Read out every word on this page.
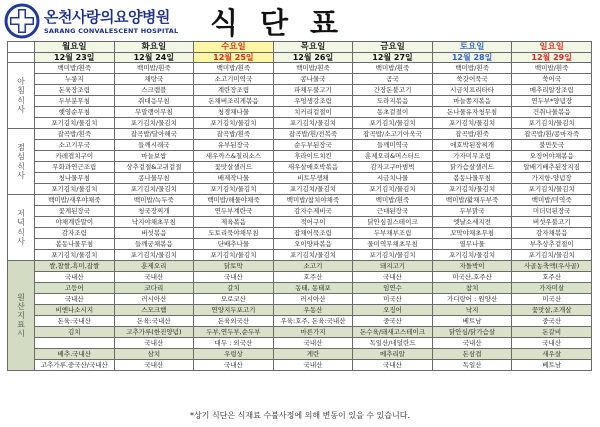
온천사랑의요양병원
SARANG CONVALESCENT HOSPITAL 식단표
	월요일	화요일	수요일	목요일	금요일	토요일	일요일
	12월 23일	12월 24일	12월 25일	12월 26일	12월 27일	12월 28일	12월 29일

아
침
식
사	백미밥/흰죽	백미밥/흰죽	백미밥/흰죽	백미밥/흰죽	백미밥/흰죽	백미밥/흰죽	백미밥/흰죽
	누룽지	채탕국	소고기미역국	콩나물국	곰국	쑥갓어묵국	쑥어국
	돈육장조림	스크램블	계란장조림	파채두불고기	간장돈불고기	시금치프리타타	메추리알장조림
	두부분무침	쥐대응무침	돈채버조리게볶음	우엉생강조림	도라지볶음	마늘쫑지볶음	연두부*양념장
	햇영순무침	무말랭이무침	청경채나물	치커리겉절이	동초겉절이	돈나물유자청무침	건취나물볶음
	포기김치/물김치	포기김치/물김치	포기김치/물김치	포기김치/물김치	포기김치/물김치	포기김치/물김치	포기김치/물김치

점
심
식
사	잡곡밥/흰죽	잡곡밥/달아해국	잡곡밥/흰죽	잡곡밥/흰/전복죽	잡곡밥/소고기아욱국	잡곡밥/흰죽	잡곡밥/흰/콩마자죽
	소고기무국	들깨시래국	유부된장국	순두부된장국	들깨미역국	애호박된장찌개	불만둣국
	카레겹치구이	마늘보쌈	새우까스&칠리소스	후라이드치킨	훈제오리&머스터드	가자미무조림	오징어야채볶음
	무화과연근조림	상추겉절&고귀겉절	꽃맛살샐러드	새우살애호박볶음	감자고구마범벅	닭가슴살샐러드	알배기배추된장지짐
	청나물무침	콩나물무침	배제작나물	비트무생채	시금치나물	봄동나물무침	가지항-양념장
	포기김치/물김치	포기김치/물김치	포기김치/물김치	포기김치/물김치	포기김치/물김치	포기김치/물김치	포기김치/물김치

저
녁
식
사	백미밥/새우야채죽	백미밥/녹두죽	백미밥/해물야채죽	백미밥/참치야채죽	백미밥/흰죽	백미밥/활채두부죽	백미밥/미역죽
	꽃게된장국	청국장찌개	연두부계란국	감자수제비국	근대된장국	두부맑국	미더덕된장국
	야채계란말이	낙지야채초무침	제육볶음	적어구이	닭안심칠스테이크	엣날소세지전	버섯우불고기
	감자조림	버섯볶음	도토리묵야채무침	잡채어묵조림	두부채부조림	꼬막야채초무침	감자채볶음
	봄동나물무침	들깨궁채볶음	단배추나물	오이양파볶음	물미역무채초무침	열무나물	부추상추겉절이
	포기김치/물김치	포기김치/물김치	포기김치/물김치	포기김치/물김치	포기김치/물김치	포기김치/물김치	포기김치/물김치

원
산
지
표
시	쌀,찹쌀,흑미,잡쌀	훈제오리	닭토막	소고기	돼지고기	자돌박이	사골농축액(우사골)
	국내산	국내산	국내산	호주산	국내산	미국산,호주산	호주산
	고등어	코다리	갈치	동태, 동태포	임연수	참치	가자미살
	국내산	러시아산	모로코산	러시아산	미국산	가디랑어 : 원양산	미국산
	비엔나소시지	스모크햄	연양지두포고기	우동산	오징어	낙지	꽃맛살,조개살
	돈육:국내산	돈육:국내산	돈육외국산	우육:호주, 돈육:국내산	중국산	베트남	중국산
	김치	고추가루(한진양념)	두부,연두부,순두부	마른가지	돈수육/돼새고스테이크	닭안심/닭가슴살	돈갈비
		국내산	대두 : 외국산	국내산	독일산/네덜란드	국내산	국내산
	배추.국내산	삼치	우렁상	게란	메추리알	돈삼겹	새우살
	고추가루.중국산/국내산	국내산	국내산	국내산	국내산	독일산	베트남
*상기 식단은 식재료 수불사정에 의해 변동이 있을 수 있습니다.
